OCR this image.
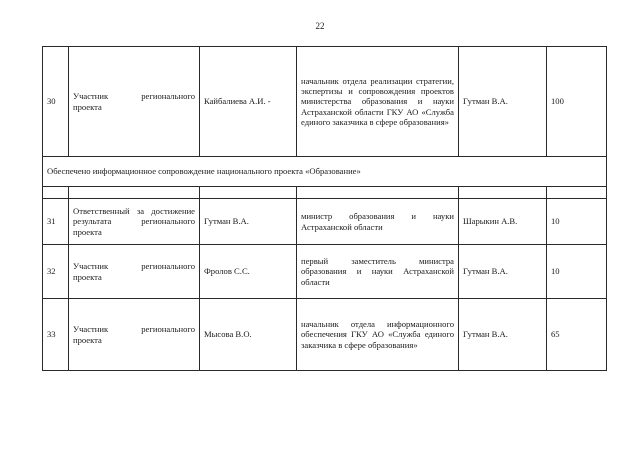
22
30	Участник регионального проекта	Кайбалиева А.И. -	начальник отдела реализации стратегии, экспертизы и сопровождения проектов министерства образования и науки Астраханской области ГКУ АО «Служба единого заказчика в сфере образования»	Гутман В.А.	100
Обеспечено информационное сопровождение национального проекта «Образование»					

31	Ответственный за достижение результата регионального проекта	Гутман В.А.	министр образования и науки Астраханской области	Шарыкин А.В.	10
32	Участник регионального проекта	Фролов С.С.	первый заместитель министра образования и науки Астраханской области	Гутман В.А.	10
33	Участник регионального проекта	Мысова В.О.	начальник отдела информационного обеспечения ГКУ АО «Служба единого заказчика в сфере образования»	Гутман В.А.	65
